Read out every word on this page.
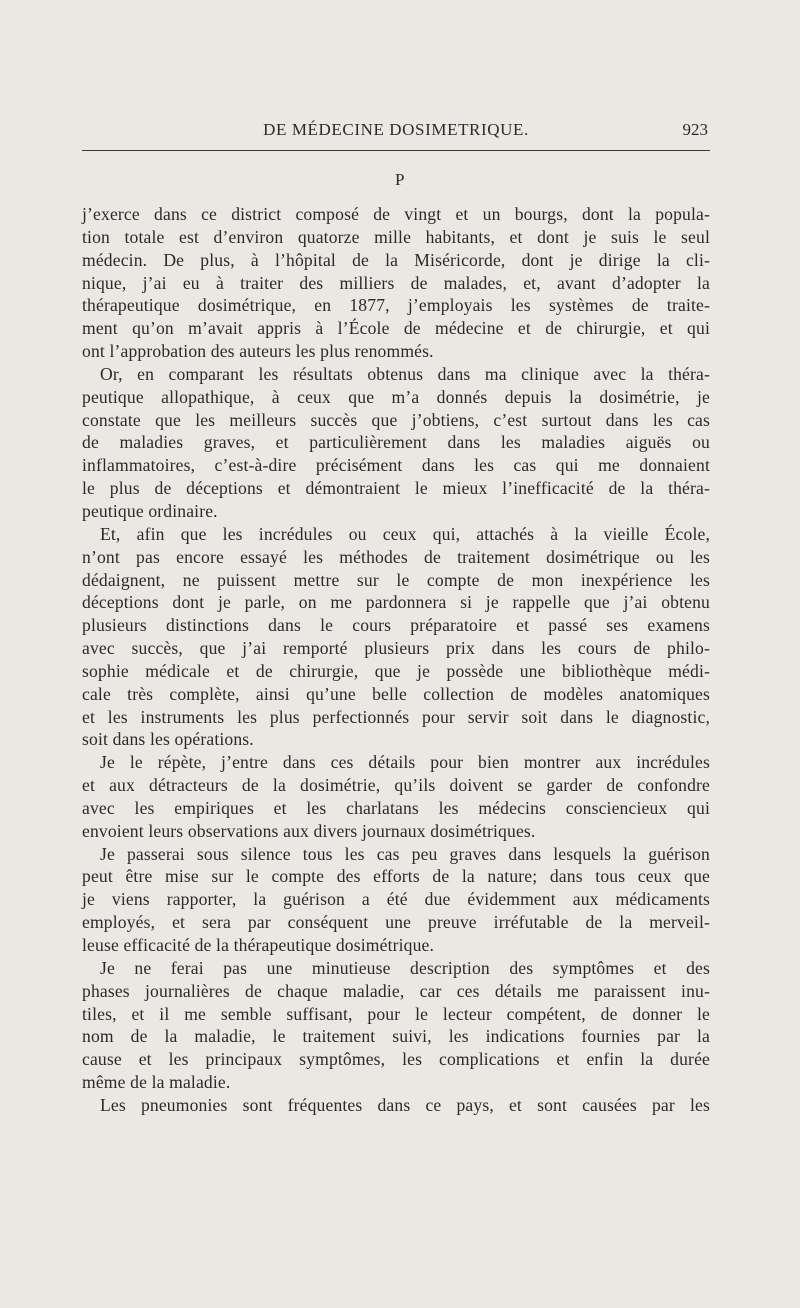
DE MÉDECINE DOSIMETRIQUE.	923
P
j’exerce dans ce district composé de vingt et un bourgs, dont la popula-
tion totale est d’environ quatorze mille habitants, et dont je suis le seul
médecin. De plus, à l’hôpital de la Miséricorde, dont je dirige la cli-
nique, j’ai eu à traiter des milliers de malades, et, avant d’adopter la
thérapeutique dosimétrique, en 1877, j’employais les systèmes de traite-
ment qu’on m’avait appris à l’École de médecine et de chirurgie, et qui
ont l’approbation des auteurs les plus renommés.
Or, en comparant les résultats obtenus dans ma clinique avec la théra-
peutique allopathique, à ceux que m’a donnés depuis la dosimétrie, je
constate que les meilleurs succès que j’obtiens, c’est surtout dans les cas
de maladies graves, et particulièrement dans les maladies aiguës ou
inflammatoires, c’est-à-dire précisément dans les cas qui me donnaient
le plus de déceptions et démontraient le mieux l’inefficacité de la théra-
peutique ordinaire.
Et, afin que les incrédules ou ceux qui, attachés à la vieille École,
n’ont pas encore essayé les méthodes de traitement dosimétrique ou les
dédaignent, ne puissent mettre sur le compte de mon inexpérience les
déceptions dont je parle, on me pardonnera si je rappelle que j’ai obtenu
plusieurs distinctions dans le cours préparatoire et passé ses examens
avec succès, que j’ai remporté plusieurs prix dans les cours de philo-
sophie médicale et de chirurgie, que je possède une bibliothèque médi-
cale très complète, ainsi qu’une belle collection de modèles anatomiques
et les instruments les plus perfectionnés pour servir soit dans le diagnostic,
soit dans les opérations.
Je le répète, j’entre dans ces détails pour bien montrer aux incrédules
et aux détracteurs de la dosimétrie, qu’ils doivent se garder de confondre
avec les empiriques et les charlatans les médecins consciencieux qui
envoient leurs observations aux divers journaux dosimétriques.
Je passerai sous silence tous les cas peu graves dans lesquels la guérison
peut être mise sur le compte des efforts de la nature; dans tous ceux que
je viens rapporter, la guérison a été due évidemment aux médicaments
employés, et sera par conséquent une preuve irréfutable de la merveil-
leuse efficacité de la thérapeutique dosimétrique.
Je ne ferai pas une minutieuse description des symptômes et des
phases journalières de chaque maladie, car ces détails me paraissent inu-
tiles, et il me semble suffisant, pour le lecteur compétent, de donner le
nom de la maladie, le traitement suivi, les indications fournies par la
cause et les principaux symptômes, les complications et enfin la durée
même de la maladie.
Les pneumonies sont fréquentes dans ce pays, et sont causées par les
